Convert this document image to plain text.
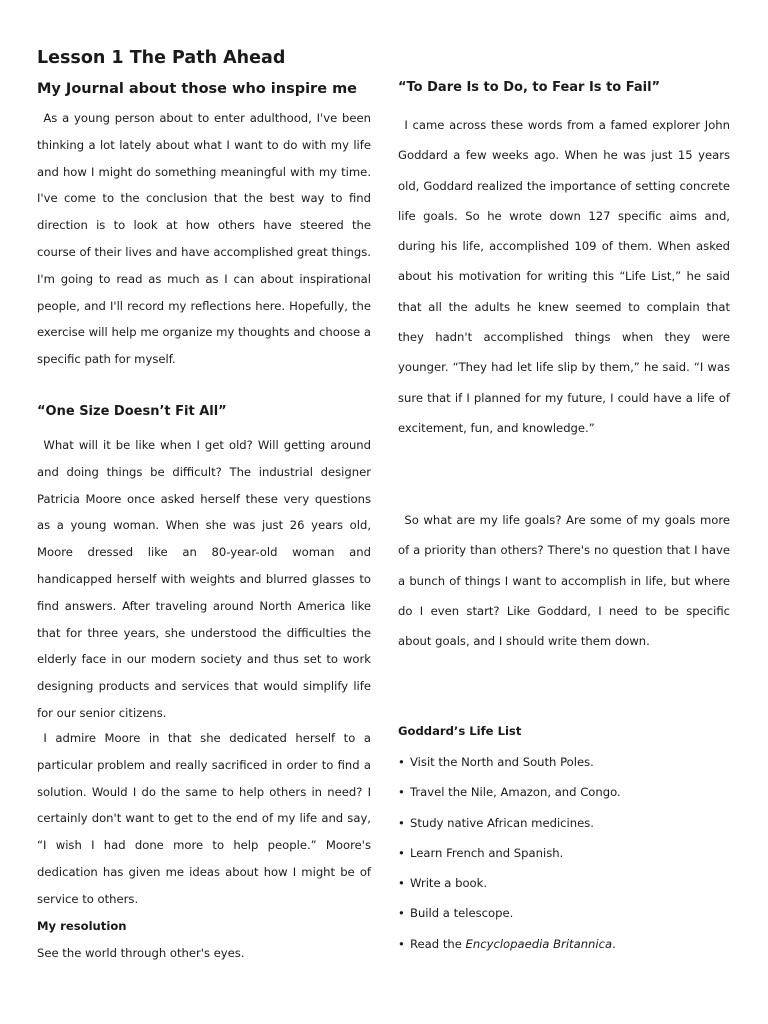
Lesson 1 The Path Ahead
My Journal about those who inspire me

As a young person about to enter adulthood, I've been thinking a lot lately about what I want to do with my life and how I might do something meaningful with my time. I've come to the conclusion that the best way to find direction is to look at how others have steered the course of their lives and have accomplished great things. I'm going to read as much as I can about inspirational people, and I'll record my reflections here. Hopefully, the exercise will help me organize my thoughts and choose a specific path for myself.

“One Size Doesn’t Fit All”

What will it be like when I get old? Will getting around and doing things be difficult? The industrial designer Patricia Moore once asked herself these very questions as a young woman. When she was just 26 years old, Moore dressed like an 80-year-old woman and handicapped herself with weights and blurred glasses to find answers. After traveling around North America like that for three years, she understood the difficulties the elderly face in our modern society and thus set to work designing products and services that would simplify life for our senior citizens.

I admire Moore in that she dedicated herself to a particular problem and really sacrificed in order to find a solution. Would I do the same to help others in need? I certainly don't want to get to the end of my life and say, “I wish I had done more to help people.” Moore's dedication has given me ideas about how I might be of service to others.

My resolution

See the world through other's eyes.

“To Dare Is to Do, to Fear Is to Fail”

I came across these words from a famed explorer John Goddard a few weeks ago. When he was just 15 years old, Goddard realized the importance of setting concrete life goals. So he wrote down 127 specific aims and, during his life, accomplished 109 of them. When asked about his motivation for writing this “Life List,” he said that all the adults he knew seemed to complain that they hadn't accomplished things when they were younger. “They had let life slip by them,” he said. “I was sure that if I planned for my future, I could have a life of excitement, fun, and knowledge.”

So what are my life goals? Are some of my goals more of a priority than others? There's no question that I have a bunch of things I want to accomplish in life, but where do I even start? Like Goddard, I need to be specific about goals, and I should write them down.

Goddard’s Life List
• Visit the North and South Poles.
• Travel the Nile, Amazon, and Congo.
• Study native African medicines.
• Learn French and Spanish.
• Write a book.
• Build a telescope.
• Read the Encyclopaedia Britannica.
